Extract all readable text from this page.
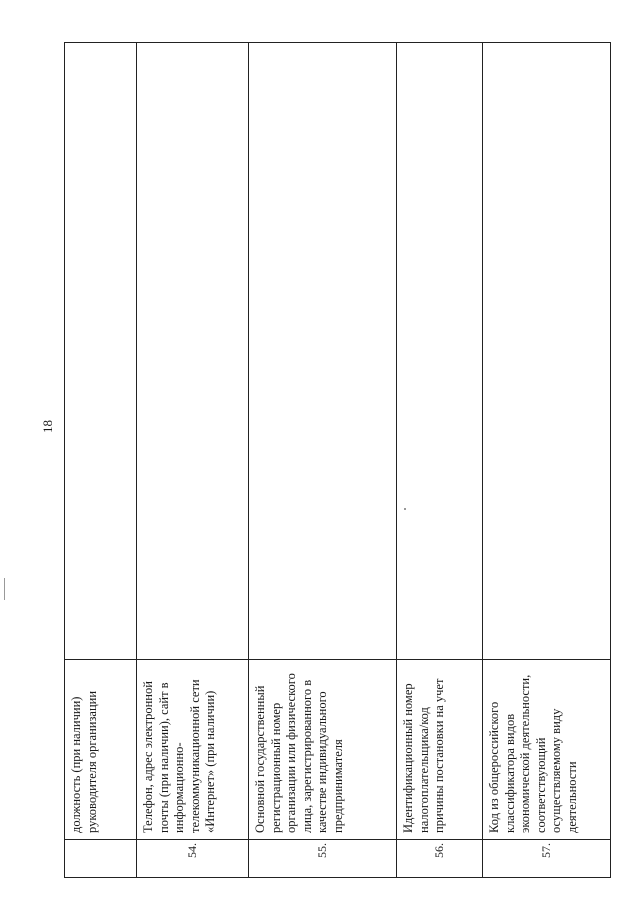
18
	должность (при наличии) руководителя организации	
54.	Телефон, адрес электронной почты (при наличии), сайт в информационно-телекоммуникационной сети «Интернет» (при наличии)	
55.	Основной государственный регистрационный номер организации или физического лица, зарегистрированного в качестве индивидуального предпринимателя	
56.	Идентификационный номер налогоплательщика/код причины постановки на учет	
57.	Код из общероссийского классификатора видов экономической деятельности, соответствующий осуществляемому виду деятельности	
